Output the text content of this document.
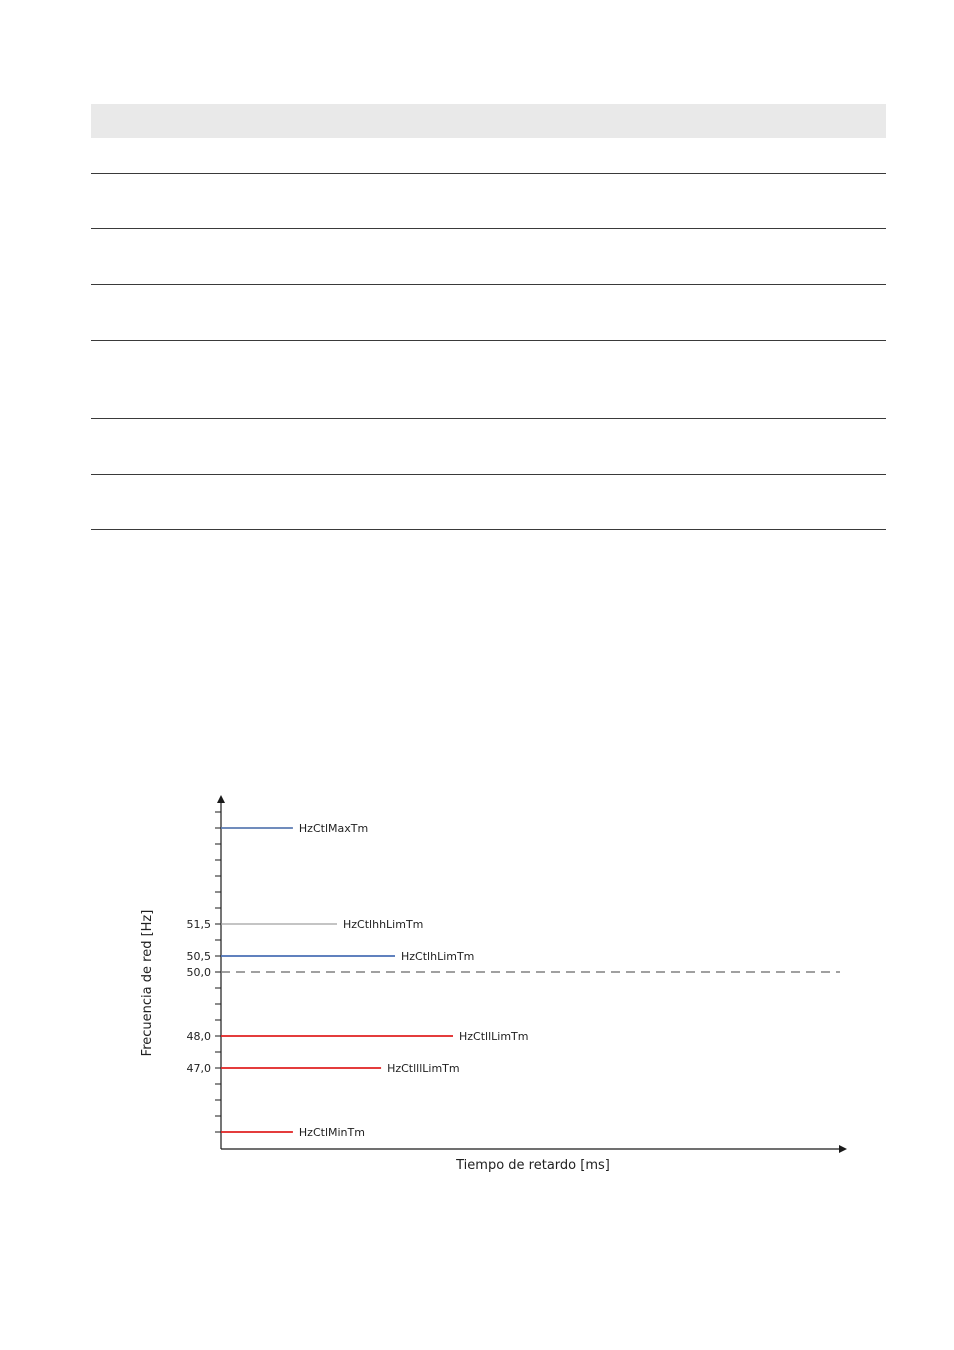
51,5
50,5
50,0
48,0
47,0
HzCtlMaxTm
HzCtlhhLimTm
HzCtlhLimTm
HzCtllLimTm
HzCtlllLimTm
HzCtlMinTm
Tiempo de retardo [ms]
Frecuencia de red [Hz]
